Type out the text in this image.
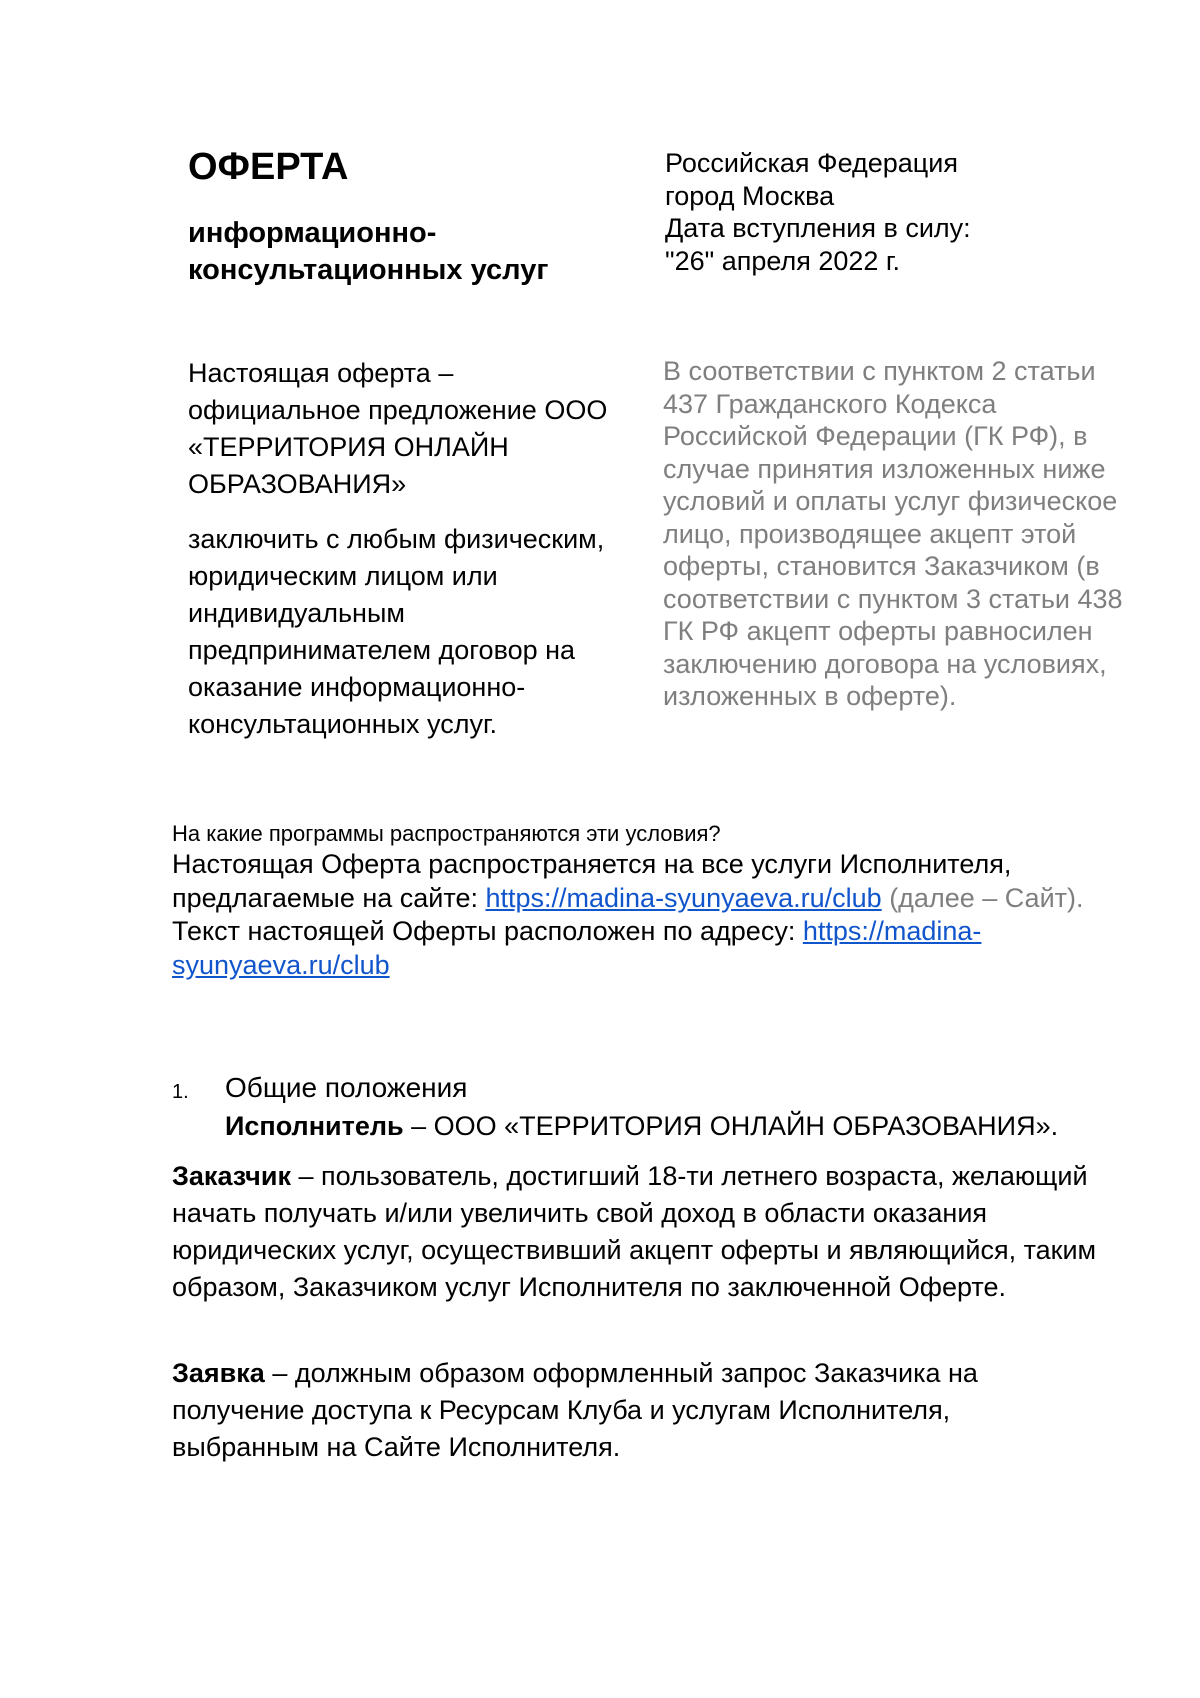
ОФЕРТА
информационно-консультационных услуг
Российская Федерация
город Москва
Дата вступления в силу:
"26" апреля 2022 г.

Настоящая оферта – официальное предложение ООО «ТЕРРИТОРИЯ ОНЛАЙН ОБРАЗОВАНИЯ»

заключить с любым физическим, юридическим лицом или индивидуальным предпринимателем договор на оказание информационно-консультационных услуг.

В соответствии с пунктом 2 статьи 437 Гражданского Кодекса Российской Федерации (ГК РФ), в случае принятия изложенных ниже условий и оплаты услуг физическое лицо, производящее акцепт этой оферты, становится Заказчиком (в соответствии с пунктом 3 статьи 438 ГК РФ акцепт оферты равносилен заключению договора на условиях, изложенных в оферте).

На какие программы распространяются эти условия?

Настоящая Оферта распространяется на все услуги Исполнителя, предлагаемые на сайте: https://madina-syunyaeva.ru/club (далее – Сайт).

Текст настоящей Оферты расположен по адресу: https://madina-syunyaeva.ru/club

1. Общие положения

Исполнитель – ООО «ТЕРРИТОРИЯ ОНЛАЙН ОБРАЗОВАНИЯ».

Заказчик – пользователь, достигший 18-ти летнего возраста, желающий начать получать и/или увеличить свой доход в области оказания юридических услуг, осуществивший акцепт оферты и являющийся, таким образом, Заказчиком услуг Исполнителя по заключенной Оферте.

Заявка – должным образом оформленный запрос Заказчика на получение доступа к Ресурсам Клуба и услугам Исполнителя, выбранным на Сайте Исполнителя.
